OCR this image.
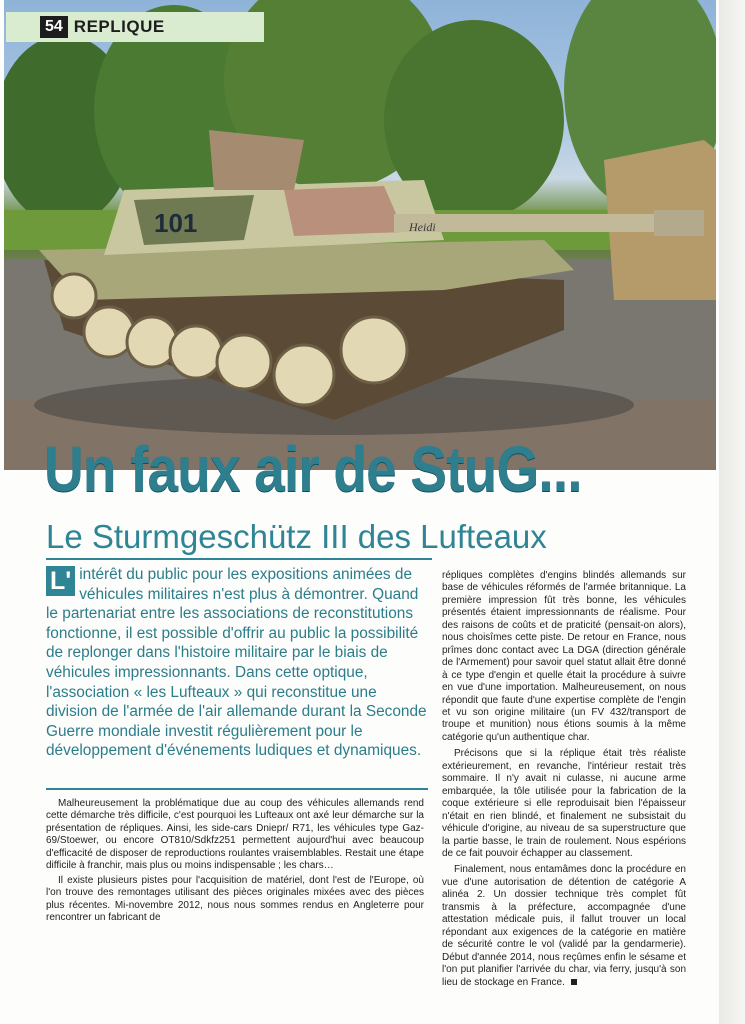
101	Heidi
54 REPLIQUE
Un faux air de StuG...
Le Sturmgeschütz III des Lufteaux
L' intérêt du public pour les expositions animées de véhicules militaires n'est plus à démontrer. Quand le partenariat entre les associations de reconstitutions fonctionne, il est possible d'offrir au public la possibilité de replonger dans l'histoire militaire par le biais de véhicules impressionnants. Dans cette optique, l'association « les Lufteaux » qui reconstitue une division de l'armée de l'air allemande durant la Seconde Guerre mondiale investit régulièrement pour le développement d'événements ludiques et dynamiques.

Malheureusement la problématique due au coup des véhicules allemands rend cette démarche très difficile, c'est pourquoi les Lufteaux ont axé leur démarche sur la présentation de répliques. Ainsi, les side-cars Dniepr/ R71, les véhicules type Gaz-69/Stoewer, ou encore OT810/Sdkfz251 permettent aujourd'hui avec beaucoup d'efficacité de disposer de reproductions roulantes vraisemblables. Restait une étape difficile à franchir, mais plus ou moins indispensable ; les chars…

Il existe plusieurs pistes pour l'acquisition de matériel, dont l'est de l'Europe, où l'on trouve des remontages utilisant des pièces originales mixées avec des pièces plus récentes. Mi-novembre 2012, nous nous sommes rendus en Angleterre pour rencontrer un fabricant de

répliques complètes d'engins blindés allemands sur base de véhicules réformés de l'armée britannique. La première impression fût très bonne, les véhicules présentés étaient impressionnants de réalisme. Pour des raisons de coûts et de praticité (pensait-on alors), nous choisîmes cette piste. De retour en France, nous prîmes donc contact avec La DGA (direction générale de l'Armement) pour savoir quel statut allait être donné à ce type d'engin et quelle était la procédure à suivre en vue d'une importation. Malheureusement, on nous répondit que faute d'une expertise complète de l'engin et vu son origine militaire (un FV 432/transport de troupe et munition) nous étions soumis à la même catégorie qu'un authentique char.

Précisons que si la réplique était très réaliste extérieurement, en revanche, l'intérieur restait très sommaire. Il n'y avait ni culasse, ni aucune arme embarquée, la tôle utilisée pour la fabrication de la coque extérieure si elle reproduisait bien l'épaisseur n'était en rien blindé, et finalement ne subsistait du véhicule d'origine, au niveau de sa superstructure que la partie basse, le train de roulement. Nous espérions de ce fait pouvoir échapper au classement.

Finalement, nous entamâmes donc la procédure en vue d'une autorisation de détention de catégorie A alinéa 2. Un dossier technique très complet fût transmis à la préfecture, accompagnée d'une attestation médicale puis, il fallut trouver un local répondant aux exigences de la catégorie en matière de sécurité contre le vol (validé par la gendarmerie). Début d'année 2014, nous reçûmes enfin le sésame et l'on put planifier l'arrivée du char, via ferry, jusqu'à son lieu de stockage en France.
